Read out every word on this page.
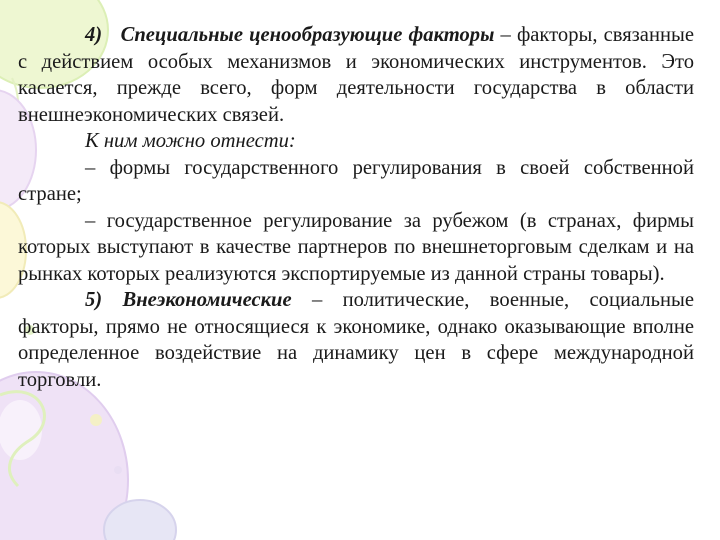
4) Специальные ценообразующие факторы – факторы, связанные с действием особых механизмов и экономических инструментов. Это касается, прежде всего, форм деятельности государства в области внешнеэкономических связей.

К ним можно отнести:

– формы государственного регулирования в своей собственной стране;

– государственное регулирование за рубежом (в странах, фирмы которых выступают в качестве партнеров по внешнеторговым сделкам и на рынках которых реализуются экспортируемые из данной страны товары).

5) Внеэкономические – политические, военные, социальные факторы, прямо не относящиеся к экономике, однако оказывающие вполне определенное воздействие на динамику цен в сфере международной торговли.
